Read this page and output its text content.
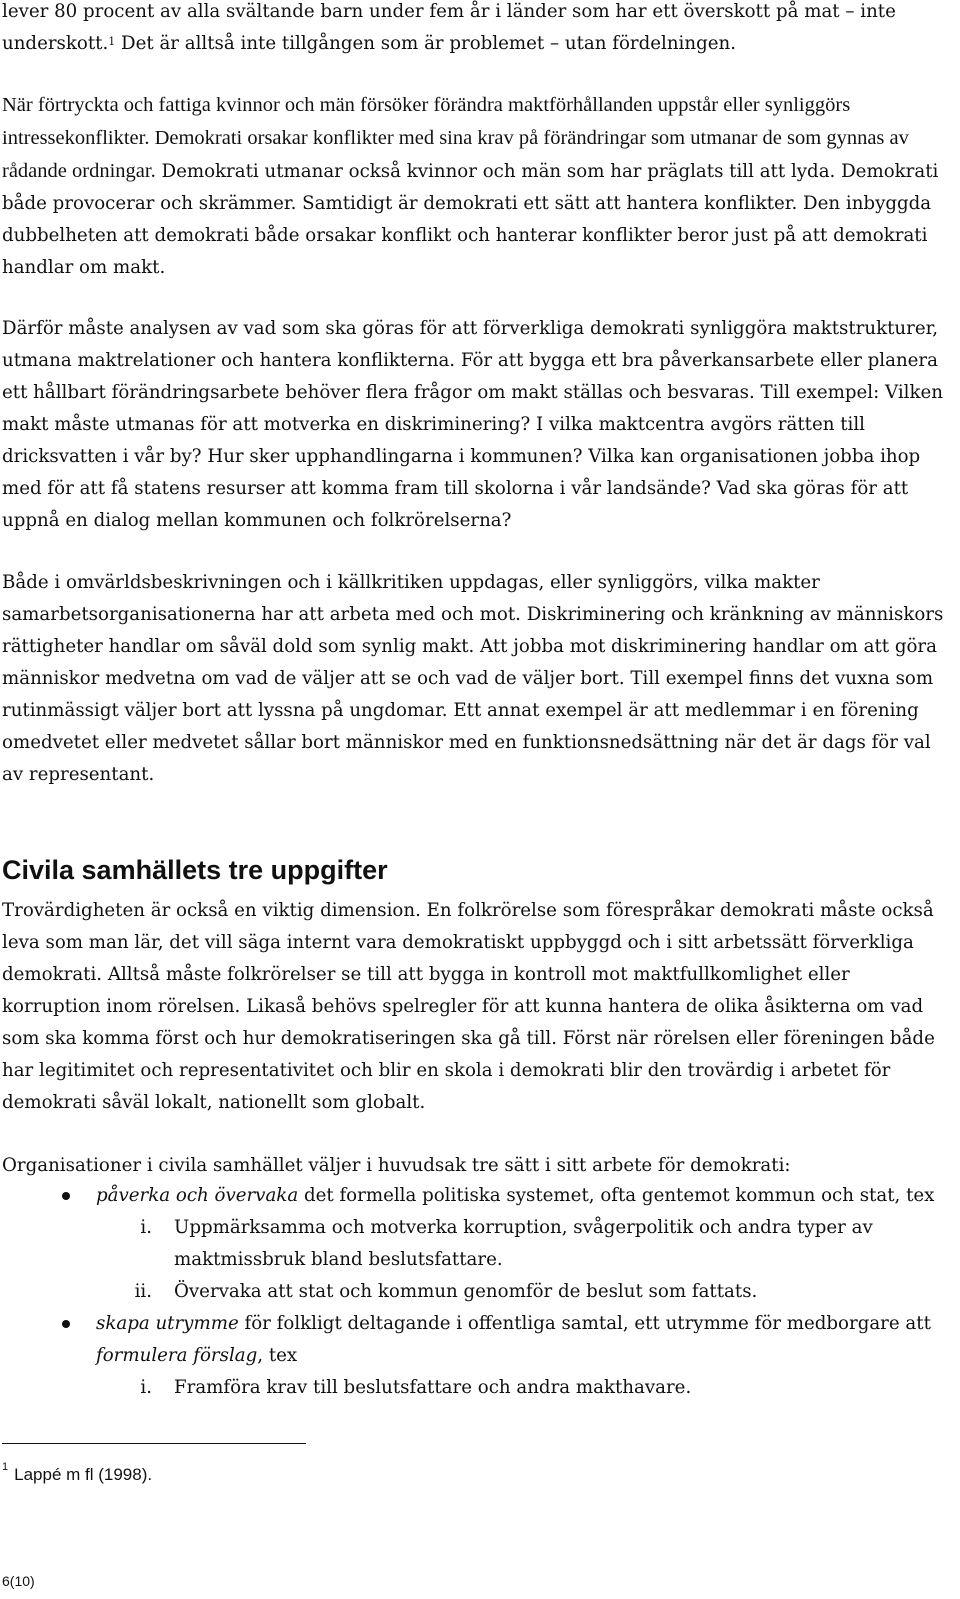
lever 80 procent av alla svältande barn under fem år i länder som har ett överskott på mat – inte
underskott.$^1$ Det är alltså inte tillgången som är problemet – utan fördelningen.

När förtryckta och fattiga kvinnor och män försöker förändra maktförhållanden uppstår eller synliggörs intressekonflikter. Demokrati orsakar konflikter med sina krav på förändringar som utmanar de som gynnas av rådande ordningar. Demokrati utmanar också kvinnor och män som har präglats till att lyda. Demokrati både provocerar och skrämmer. Samtidigt är demokrati ett sätt att hantera konflikter. Den inbyggda dubbelheten att demokrati både orsakar konflikt och hanterar konflikter beror just på att demokrati handlar om makt.

Därför måste analysen av vad som ska göras för att förverkliga demokrati synliggöra maktstrukturer, utmana maktrelationer och hantera konflikterna. För att bygga ett bra påverkansarbete eller planera ett hållbart förändringsarbete behöver flera frågor om makt ställas och besvaras. Till exempel: Vilken makt måste utmanas för att motverka en diskriminering? I vilka maktcentra avgörs rätten till dricksvatten i vår by? Hur sker upphandlingarna i kommunen? Vilka kan organisationen jobba ihop med för att få statens resurser att komma fram till skolorna i vår landsände? Vad ska göras för att uppnå en dialog mellan kommunen och folkrörelserna?

Både i omvärldsbeskrivningen och i källkritiken uppdagas, eller synliggörs, vilka makter samarbetsorganisationerna har att arbeta med och mot. Diskriminering och kränkning av människors rättigheter handlar om såväl dold som synlig makt. Att jobba mot diskriminering handlar om att göra människor medvetna om vad de väljer att se och vad de väljer bort. Till exempel finns det vuxna som rutinmässigt väljer bort att lyssna på ungdomar. Ett annat exempel är att medlemmar i en förening omedvetet eller medvetet sållar bort människor med en funktionsnedsättning när det är dags för val av representant.

Civila samhällets tre uppgifter

Trovärdigheten är också en viktig dimension. En folkrörelse som förespråkar demokrati måste också leva som man lär, det vill säga internt vara demokratiskt uppbyggd och i sitt arbetssätt förverkliga demokrati. Alltså måste folkrörelser se till att bygga in kontroll mot maktfullkomlighet eller korruption inom rörelsen. Likaså behövs spelregler för att kunna hantera de olika åsikterna om vad som ska komma först och hur demokratiseringen ska gå till. Först när rörelsen eller föreningen både har legitimitet och representativitet och blir en skola i demokrati blir den trovärdig i arbetet för demokrati såväl lokalt, nationellt som globalt.

Organisationer i civila samhället väljer i huvudsak tre sätt i sitt arbete för demokrati:

påverka och övervaka det formella politiska systemet, ofta gentemot kommun och stat, tex
i. Uppmärksamma och motverka korruption, svågerpolitik och andra typer av
maktmissbruk bland beslutsfattare.
ii. Övervaka att stat och kommun genomför de beslut som fattats.
skapa utrymme för folkligt deltagande i offentliga samtal, ett utrymme för medborgare att
formulera förslag, tex
i. Framföra krav till beslutsfattare och andra makthavare.

$^1$ Lappé m fl (1998).

6(10)
